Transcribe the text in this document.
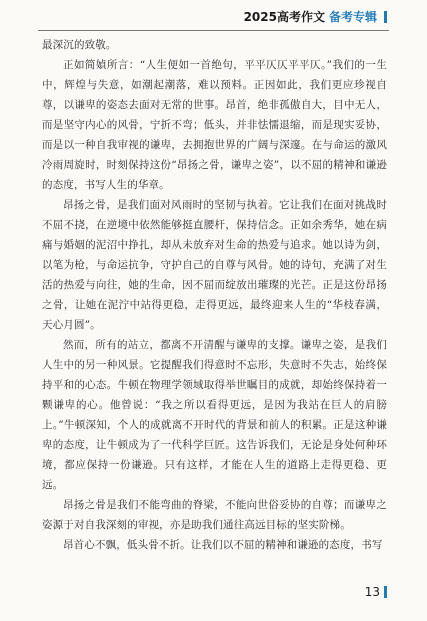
2025高考作文 备考专辑

最深沉的致敬。

正如简媜所言：“人生便如一首绝句，平平仄仄平平仄。”我们的一生中，辉煌与失意，如潮起潮落，难以预料。正因如此，我们更应珍视自尊，以谦卑的姿态去面对无常的世事。昂首，绝非孤傲自大，目中无人，而是坚守内心的风骨，宁折不弯；低头，并非怯懦退缩，而是现实妥协，而是以一种自我审视的谦卑，去拥抱世界的广阔与深邃。在与命运的激风冷雨周旋时，时刻保持这份“昂扬之骨，谦卑之姿”，以不屈的精神和谦逊的态度，书写人生的华章。

昂扬之骨，是我们面对风雨时的坚韧与执着。它让我们在面对挑战时不屈不挠，在逆境中依然能够挺直腰杆，保持信念。正如余秀华，她在病痛与婚姻的泥沼中挣扎，却从未放弃对生命的热爱与追求。她以诗为剑，以笔为枪，与命运抗争，守护自己的自尊与风骨。她的诗句，充满了对生活的热爱与向往，她的生命，因不屈而绽放出璀璨的光芒。正是这份昂扬之骨，让她在泥泞中站得更稳，走得更远，最终迎来人生的“华枝春满，天心月圆”。

然而，所有的站立，都离不开清醒与谦卑的支撑。谦卑之姿，是我们人生中的另一种风景。它提醒我们得意时不忘形，失意时不失志，始终保持平和的心态。牛顿在物理学领域取得举世瞩目的成就，却始终保持着一颗谦卑的心。他曾说：“我之所以看得更远，是因为我站在巨人的肩膀上。”牛顿深知，个人的成就离不开时代的背景和前人的积累。正是这种谦卑的态度，让牛顿成为了一代科学巨匠。这告诉我们，无论是身处何种环境，都应保持一份谦逊。只有这样，才能在人生的道路上走得更稳、更远。

昂扬之骨是我们不能弯曲的脊梁，不能向世俗妥协的自尊；而谦卑之姿源于对自我深刻的审视，亦是助我们通往高远目标的坚实阶梯。

昂首心不飘，低头骨不折。让我们以不屈的精神和谦逊的态度，书写

13
